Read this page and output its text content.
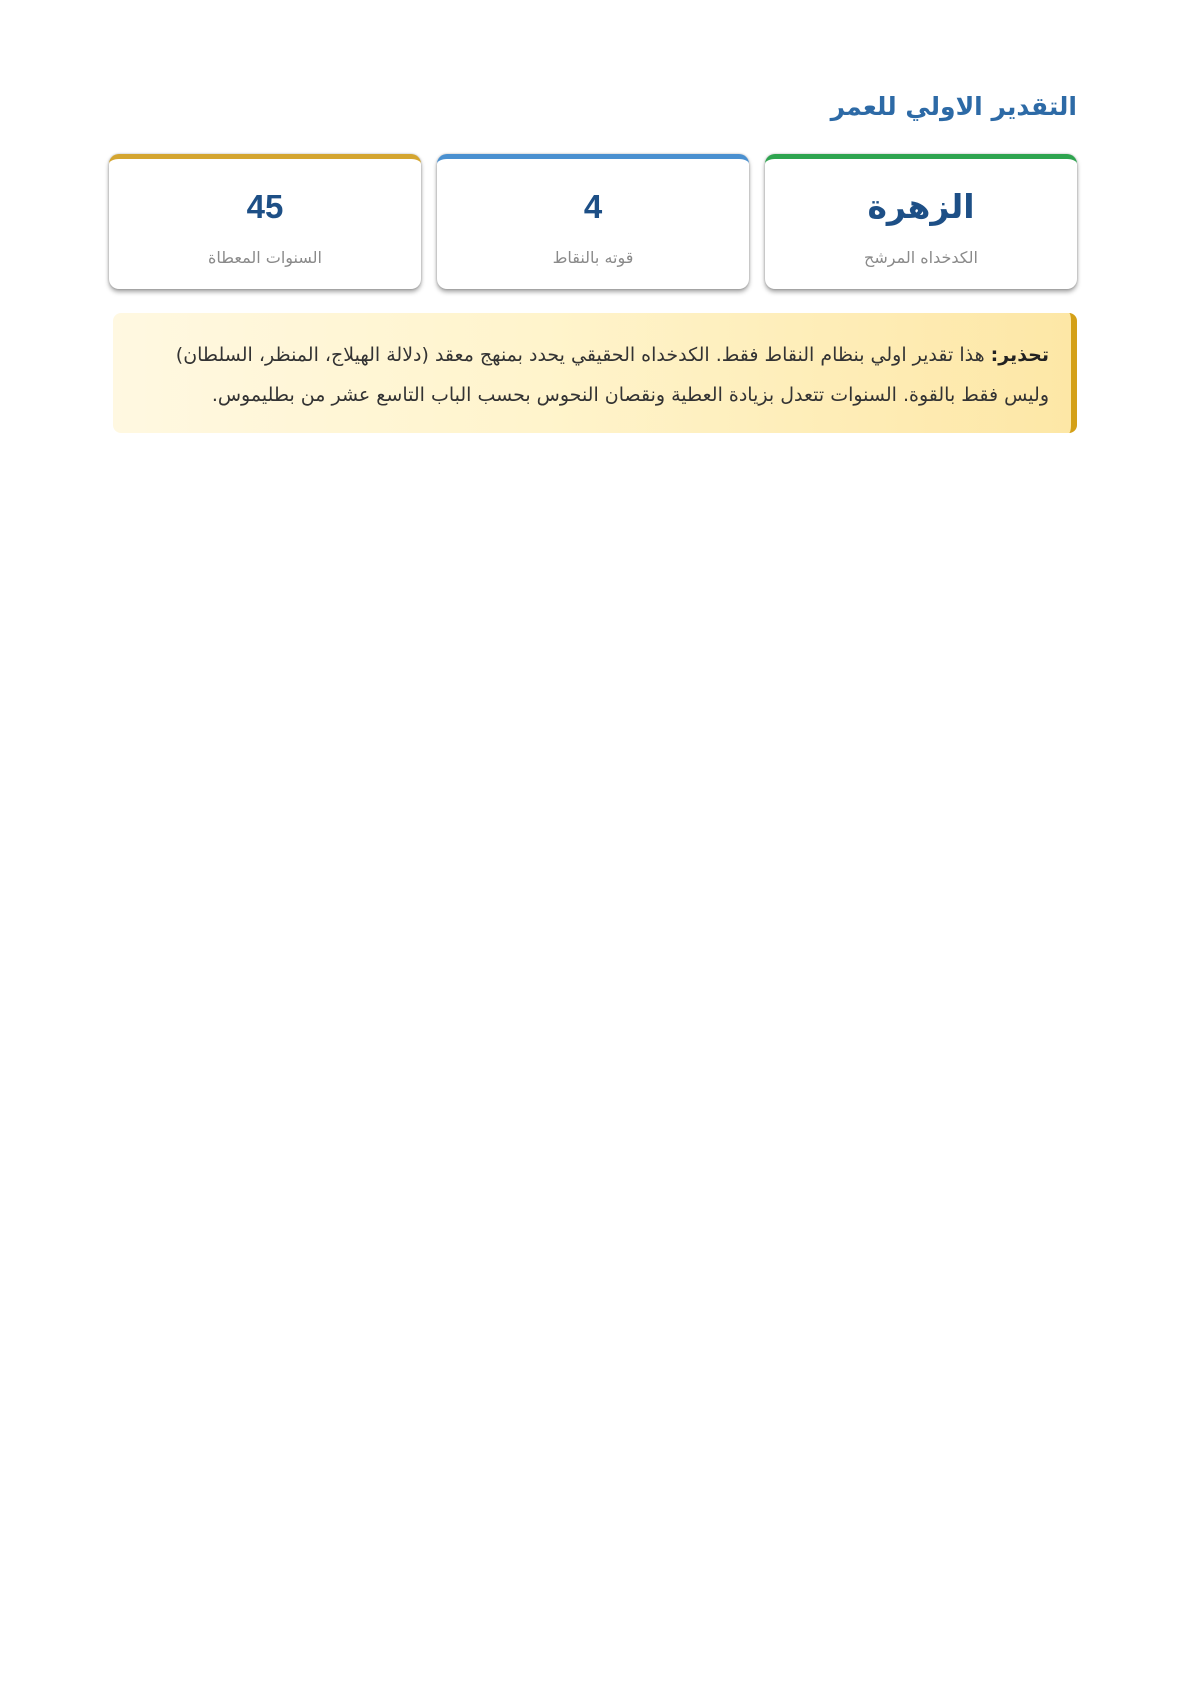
التقدير الاولي للعمر
الزهرة
الكدخداه المرشح
4
قوته بالنقاط
45
السنوات المعطاة
تحذير: هذا تقدير اولي بنظام النقاط فقط. الكدخداه الحقيقي يحدد بمنهج معقد (دلالة الهيلاج، المنظر، السلطان) وليس فقط بالقوة. السنوات تتعدل بزيادة العطية ونقصان النحوس بحسب الباب التاسع عشر من بطليموس.
